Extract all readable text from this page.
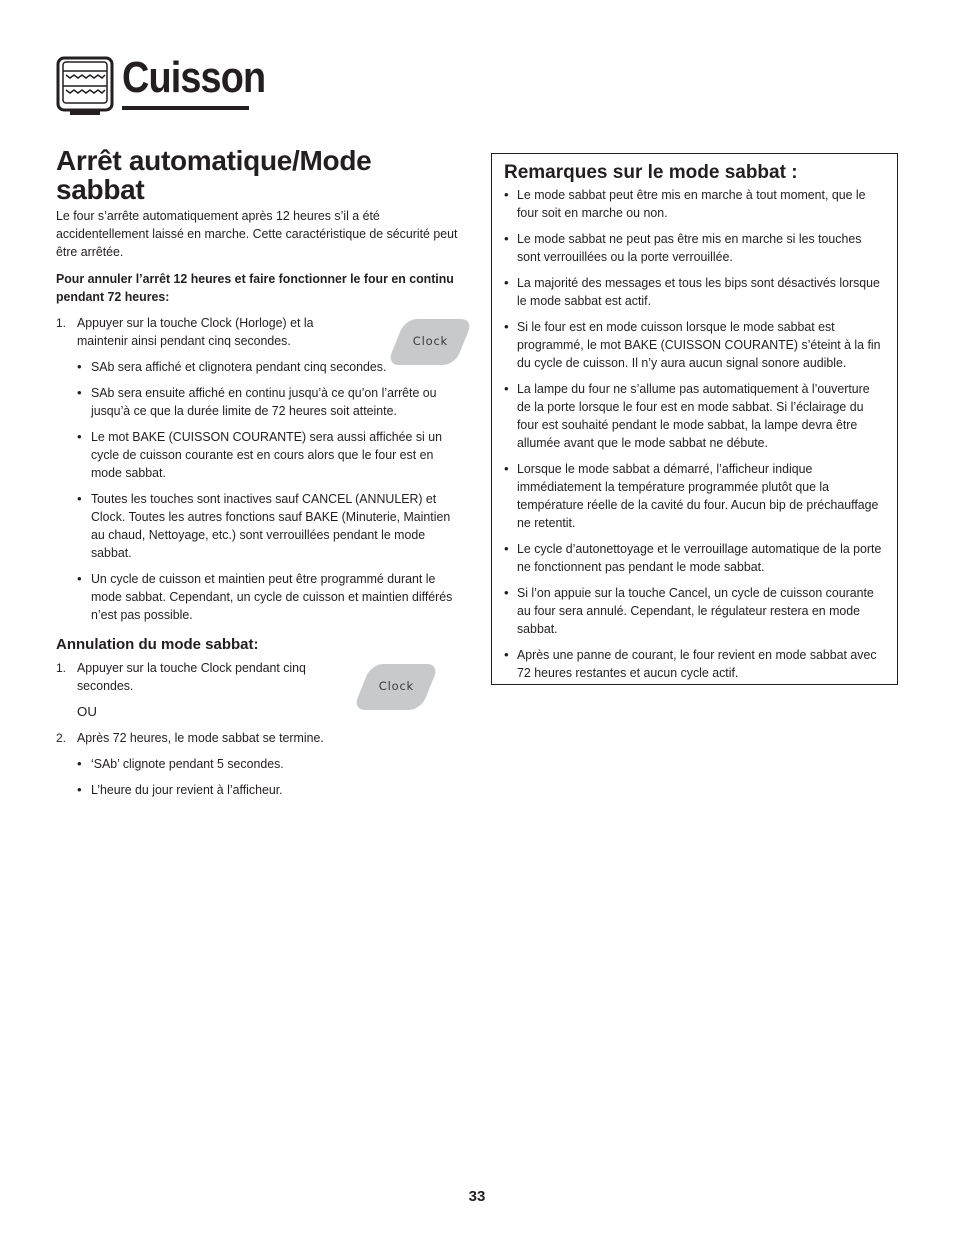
Cuisson
Arrêt automatique/Mode sabbat

Le four s’arrête automatiquement après 12 heures s’il a été accidentellement laissé en marche. Cette caractéristique de sécurité peut être arrêtée.

Pour annuler l’arrêt 12 heures et faire fonctionner le four en continu pendant 72 heures:

1. Appuyer sur la touche Clock (Horloge) et la maintenir ainsi pendant cinq secondes.	Clock
• SAb sera affiché et clignotera pendant cinq secondes.
• SAb sera ensuite affiché en continu jusqu’à ce qu’on l’arrête ou jusqu’à ce que la durée limite de 72 heures soit atteinte.
• Le mot BAKE (CUISSON COURANTE) sera aussi affichée si un cycle de cuisson courante est en cours alors que le four est en mode sabbat.
• Toutes les touches sont inactives sauf CANCEL (ANNULER) et Clock. Toutes les autres fonctions sauf BAKE (Minuterie, Maintien au chaud, Nettoyage, etc.) sont verrouillées pendant le mode sabbat.
• Un cycle de cuisson et maintien peut être programmé durant le mode sabbat. Cependant, un cycle de cuisson et maintien différés n’est pas possible.
Annulation du mode sabbat:
1. Appuyer sur la touche Clock pendant cinq secondes.	Clock
OU
2. Après 72 heures, le mode sabbat se termine.
• ‘SAb’ clignote pendant 5 secondes.
• L’heure du jour revient à l’afficheur.
Remarques sur le mode sabbat :
• Le mode sabbat peut être mis en marche à tout moment, que le four soit en marche ou non.
• Le mode sabbat ne peut pas être mis en marche si les touches sont verrouillées ou la porte verrouillée.
• La majorité des messages et tous les bips sont désactivés lorsque le mode sabbat est actif.
• Si le four est en mode cuisson lorsque le mode sabbat est programmé, le mot BAKE (CUISSON COURANTE) s’éteint à la fin du cycle de cuisson. Il n’y aura aucun signal sonore audible.
• La lampe du four ne s’allume pas automatiquement à l’ouverture de la porte lorsque le four est en mode sabbat. Si l’éclairage du four est souhaité pendant le mode sabbat, la lampe devra être allumée avant que le mode sabbat ne débute.
• Lorsque le mode sabbat a démarré, l’afficheur indique immédiatement la température programmée plutôt que la température réelle de la cavité du four. Aucun bip de préchauffage ne retentit.
• Le cycle d’autonettoyage et le verrouillage automatique de la porte ne fonctionnent pas pendant le mode sabbat.
• Si l’on appuie sur la touche Cancel, un cycle de cuisson courante au four sera annulé. Cependant, le régulateur restera en mode sabbat.
• Après une panne de courant, le four revient en mode sabbat avec 72 heures restantes et aucun cycle actif.
33
